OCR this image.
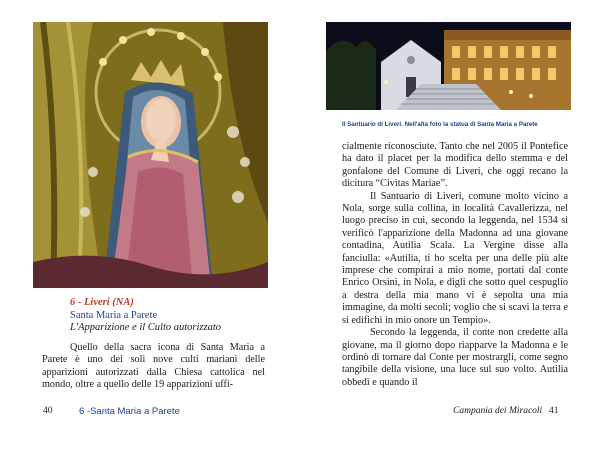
6 - Liveri (NA)
Santa Maria a Parete
L'Apparizione e il Culto autorizzato

Quello della sacra icona di Santa Maria a Parete è uno dei soli nove culti mariani delle apparizioni autorizzati dalla Chiesa cattolica nel mondo, oltre a quello delle 19 apparizioni uffi-

40	6 -Santa Maria a Parete
Il Santuario di Liveri. Nell'alta foto la statua di Santa Maria a Parete

cialmente riconosciute. Tanto che nel 2005 il Pontefice ha dato il placet per la modifica dello stemma e del gonfalone del Comune di Liveri, che oggi recano la dicitura “Civitas Mariae”.

Il Santuario di Liveri, comune molto vicino a Nola, sorge sulla collina, in località Cavallerizza, nel luogo preciso in cui, secondo la leggenda, nel 1534 si verificò l'apparizione della Madonna ad una giovane contadina, Autilia Scala. La Vergine disse alla fanciulla: «Autilia, ti ho scelta per una delle più alte imprese che compirai a mio nome, portati dal conte Enrico Orsini, in Nola, e digli che sotto quel cespuglio a destra della mia mano vi è sepolta una mia immagine, da molti secoli; voglio che si scavi la terra e si edifichi in mio onore un Tempio».

Secondo la leggenda, il conte non credette alla giovane, ma il giorno dopo riapparve la Madonna e le ordinò di tornare dal Conte per mostrargli, come segno tangibile della visione, una luce sul suo volto. Autilia obbedì e quando il

Campania dei Miracoli 41
